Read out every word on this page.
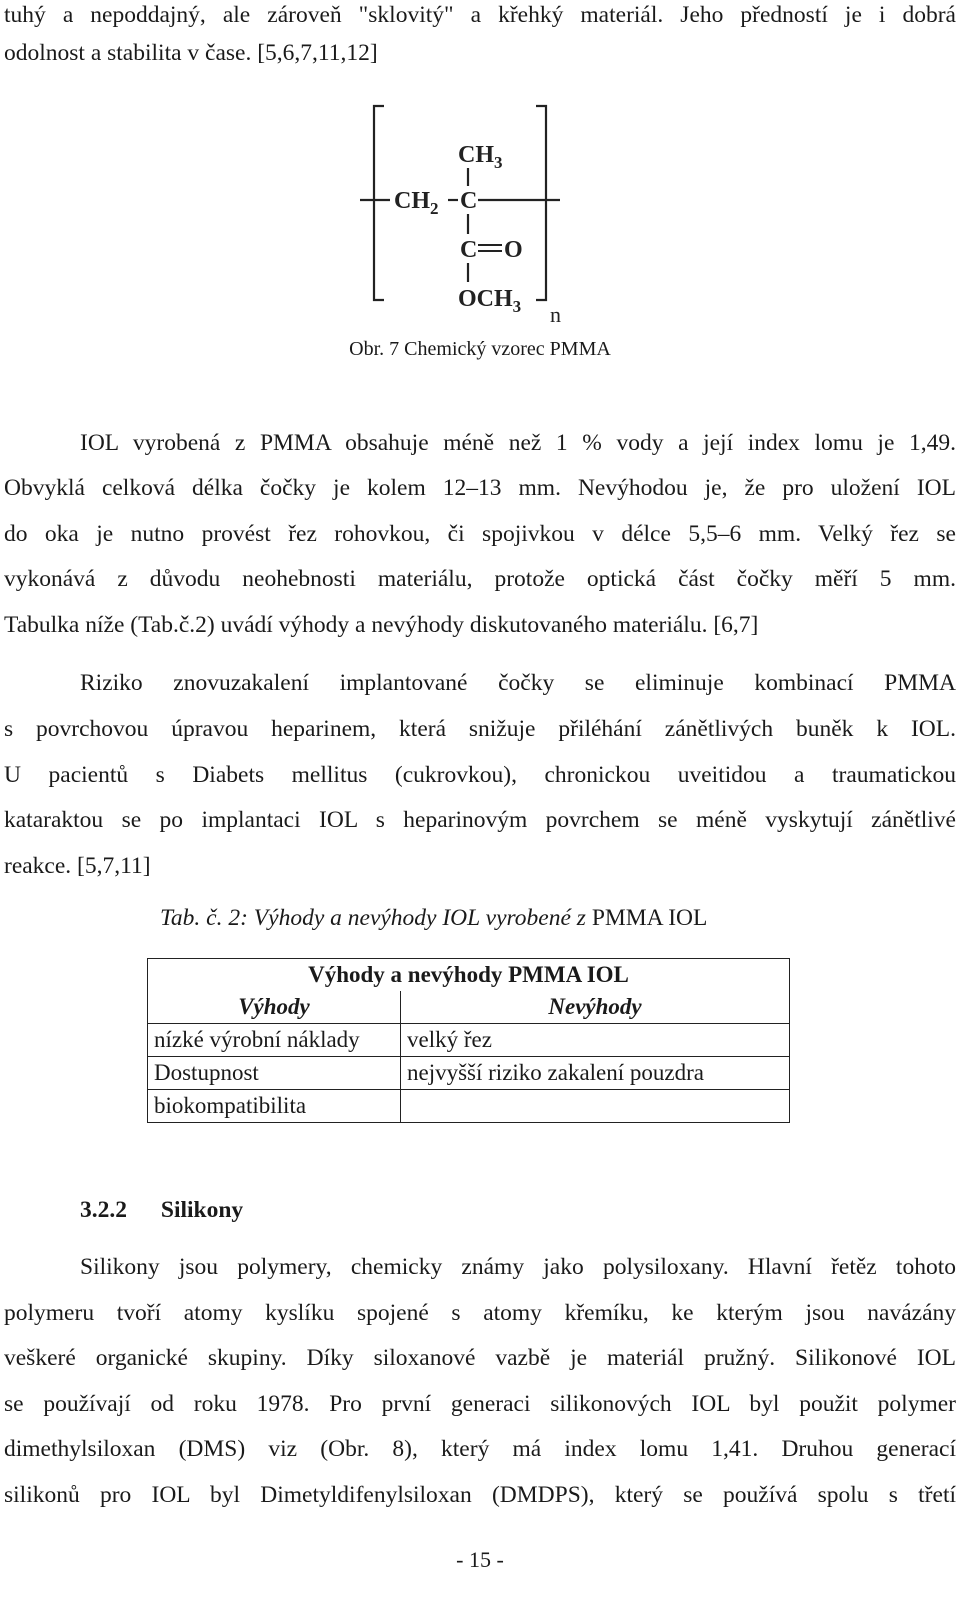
tuhý a nepoddajný, ale zároveň "sklovitý" a křehký materiál. Jeho předností je i dobrá
odolnost a stabilita v čase. [5,6,7,11,12]
$CH_3$
$CH_2$ C
C O
$OCH_3$ n
Obr. 7 Chemický vzorec PMMA
IOL vyrobená z PMMA obsahuje méně než 1 % vody a její index lomu je 1,49.
Obvyklá celková délka čočky je kolem 12–13 mm. Nevýhodou je, že pro uložení IOL
do oka je nutno provést řez rohovkou, či spojivkou v délce 5,5–6 mm. Velký řez se
vykonává z důvodu neohebnosti materiálu, protože optická část čočky měří 5 mm.
Tabulka níže (Tab.č.2) uvádí výhody a nevýhody diskutovaného materiálu. [6,7]
Riziko znovuzakalení implantované čočky se eliminuje kombinací PMMA
s povrchovou úpravou heparinem, která snižuje přiléhání zánětlivých buněk k IOL.
U pacientů s Diabets mellitus (cukrovkou), chronickou uveitidou a traumatickou
kataraktou se po implantaci IOL s heparinovým povrchem se méně vyskytují zánětlivé
reakce. [5,7,11]
Tab. č. 2: Výhody a nevýhody IOL vyrobené z PMMA IOL
Výhody a nevýhody PMMA IOL	
Výhody	Nevýhody
nízké výrobní náklady	velký řez
Dostupnost	nejvyšší riziko zakalení pouzdra
biokompatibilita	
3.2.2 Silikony
Silikony jsou polymery, chemicky známy jako polysiloxany. Hlavní řetěz tohoto
polymeru tvoří atomy kyslíku spojené s atomy křemíku, ke kterým jsou navázány
veškeré organické skupiny. Díky siloxanové vazbě je materiál pružný. Silikonové IOL
se používají od roku 1978. Pro první generaci silikonových IOL byl použit polymer
dimethylsiloxan (DMS) viz (Obr. 8), který má index lomu 1,41. Druhou generací
silikonů pro IOL byl Dimetyldifenylsiloxan (DMDPS), který se používá spolu s třetí
- 15 -
